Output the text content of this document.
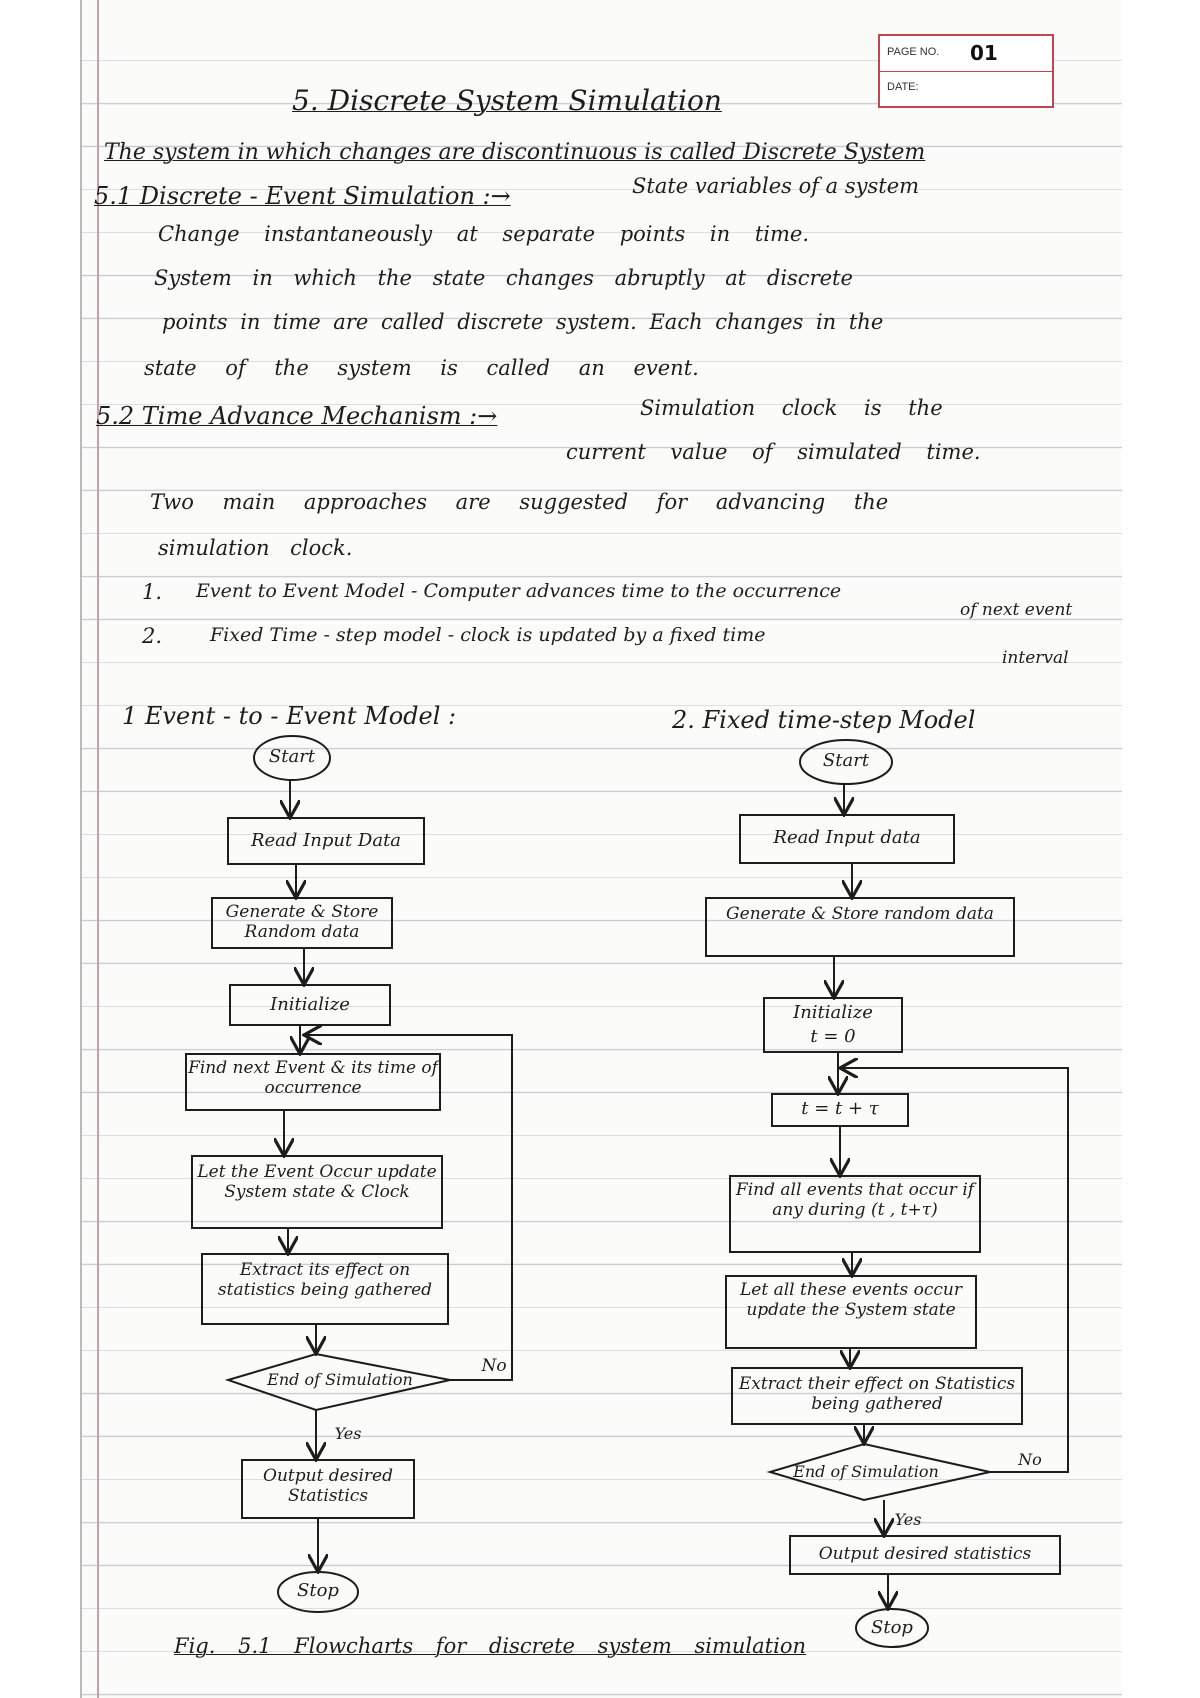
PAGE NO. 01
DATE:
5. Discrete System Simulation
The system in which changes are discontinuous is called Discrete System
5.1 Discrete - Event Simulation :→	State variables of a system
Change instantaneously at separate points in time.
System in which the state changes abruptly at discrete
points in time are called discrete system. Each changes in the
state of the system is called an event.
5.2 Time Advance Mechanism :→	Simulation clock is the
current value of simulated time.
Two main approaches are suggested for advancing the
simulation clock.
1. Event to Event Model - Computer advances time to the occurrence
of next event
2.	Fixed Time - step model - clock is updated by a fixed time
interval
1 Event - to - Event Model :	2. Fixed time-step Model
Start
Read Input Data
Generate & Store Random data
Initialize
Find next Event & its time of occurrence
Let the Event Occur update System state & Clock
Extract its effect on statistics being gathered
End of Simulation
No
Yes
Output desired Statistics
Stop
Start
Read Input data
Generate & Store random data
Initialize
t = 0
t = t + τ
Find all events that occur if any during (t , t+τ)
Let all these events occur update the System state
Extract their effect on Statistics being gathered
End of Simulation
No
Yes
Output desired statistics
Stop
Fig. 5.1 Flowcharts for discrete system simulation
